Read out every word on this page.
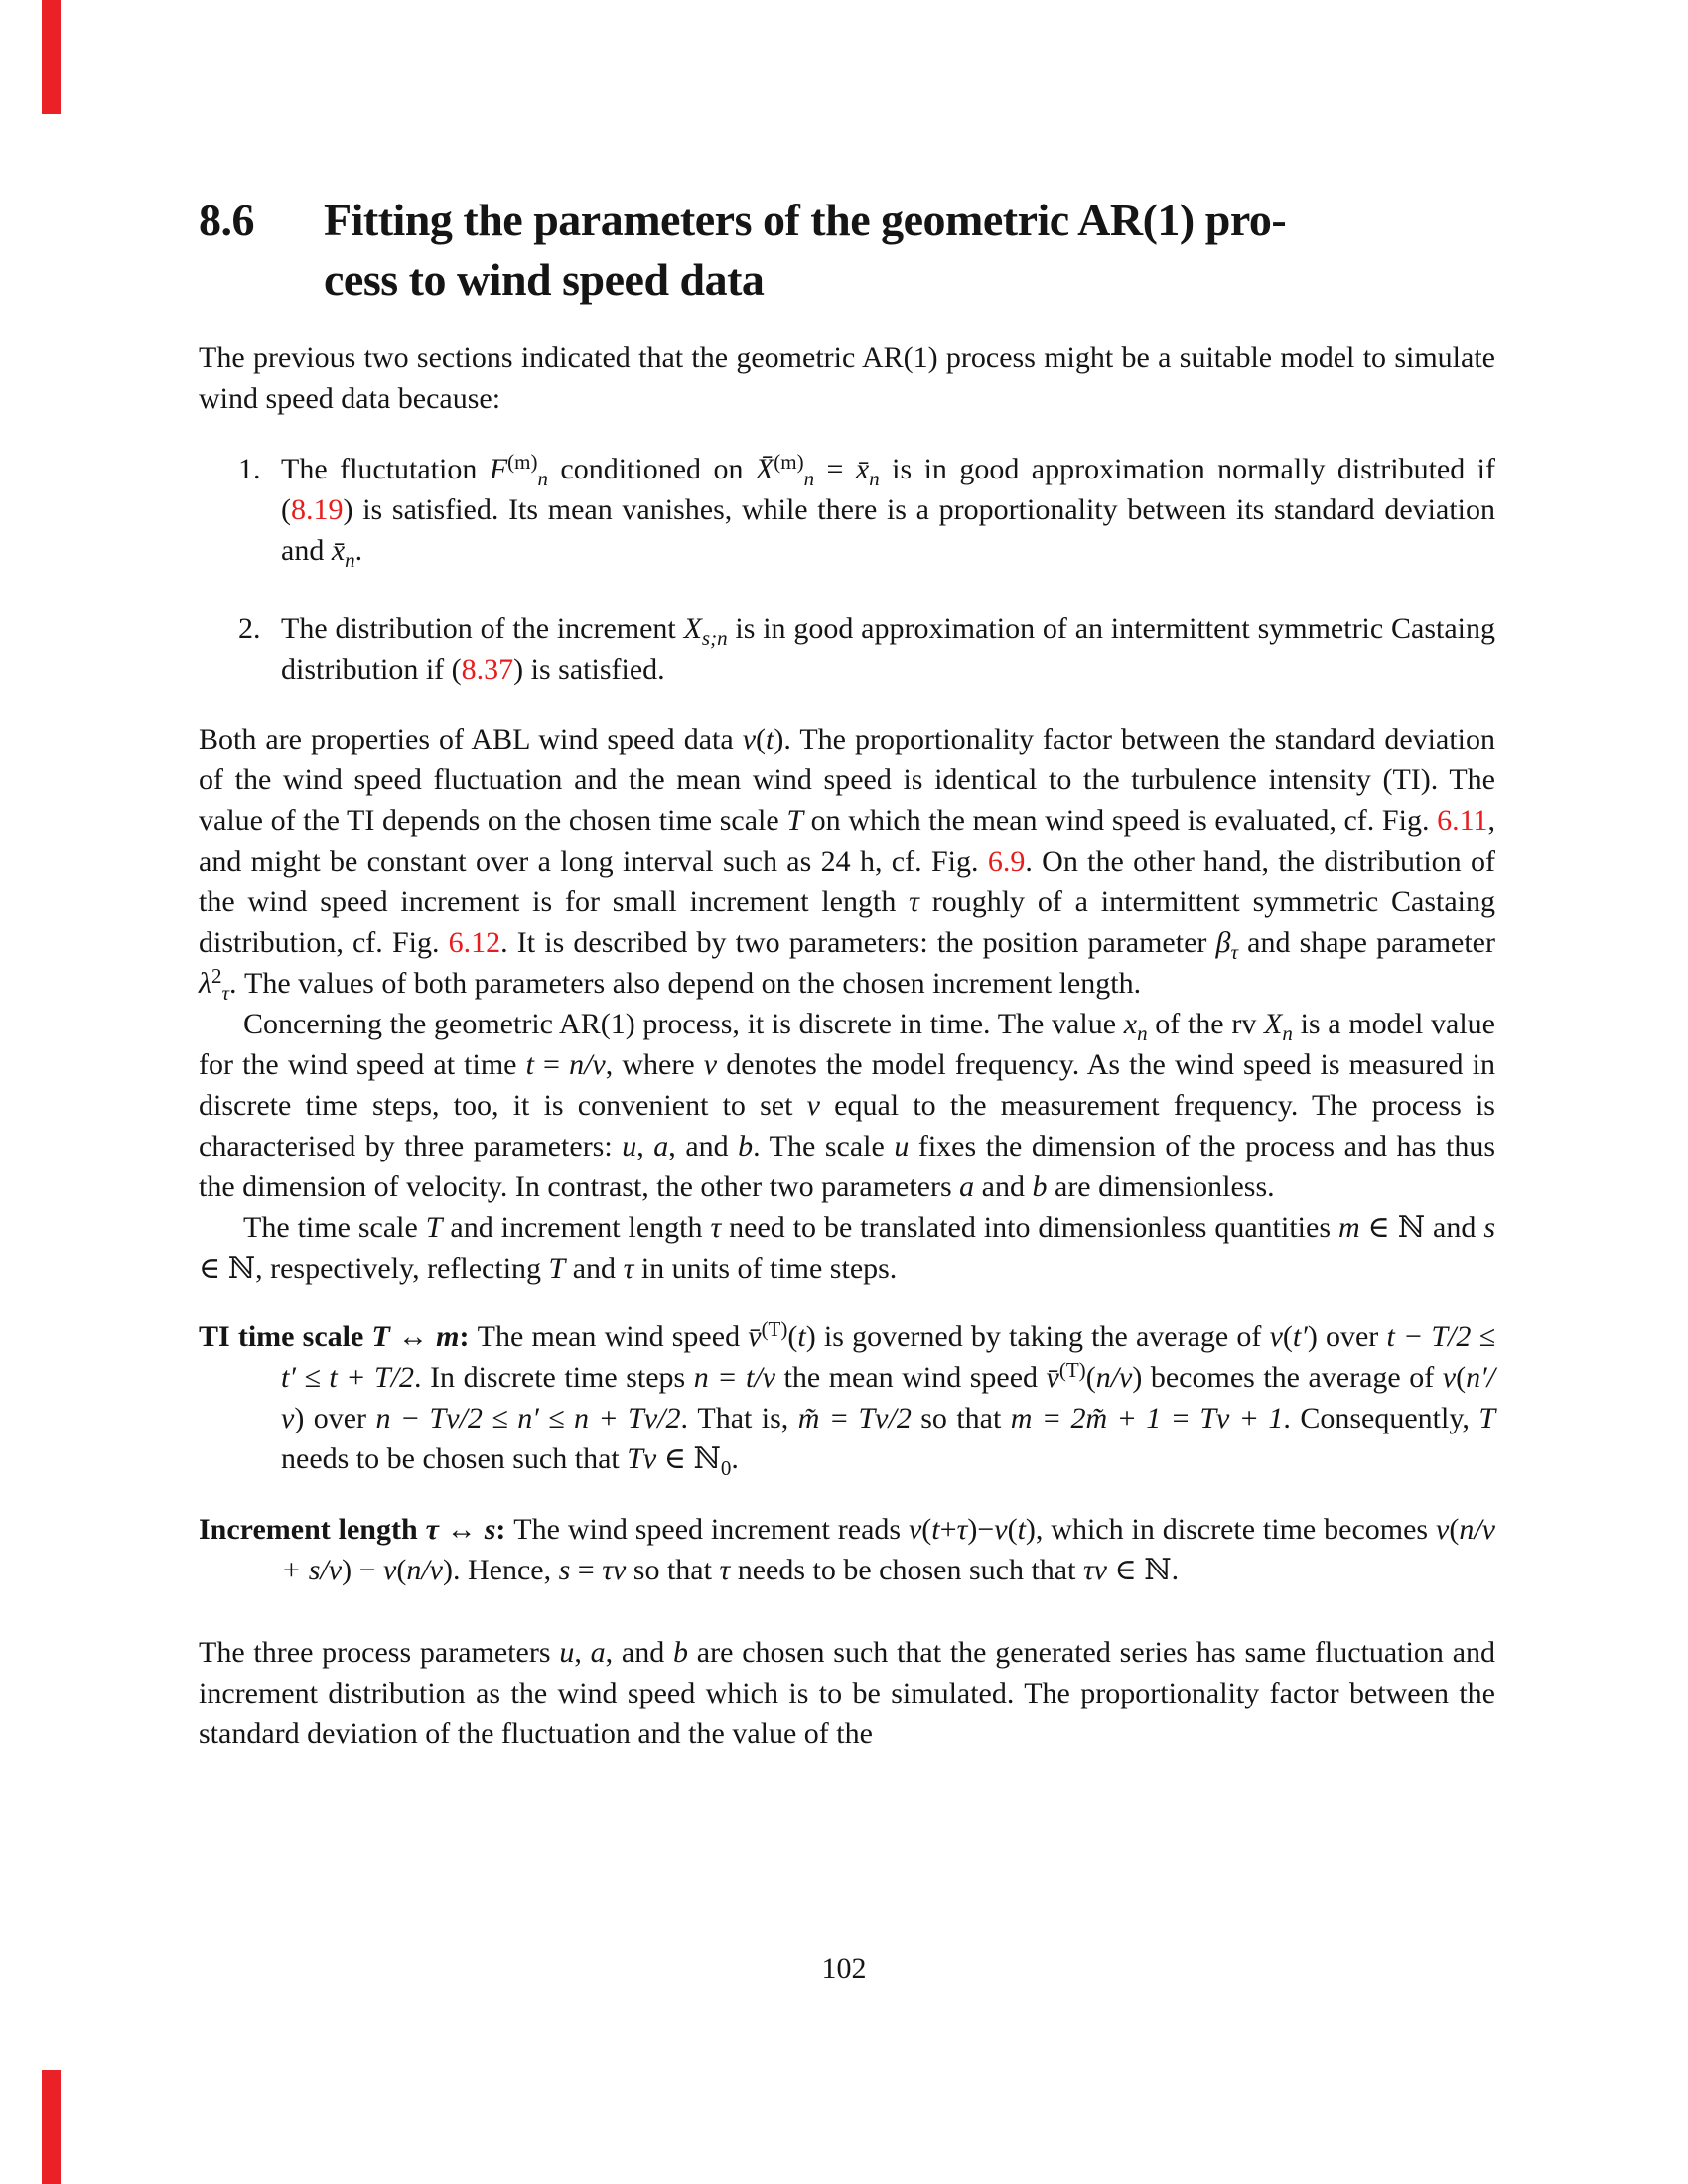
8.6	Fitting the parameters of the geometric AR(1) pro-
cess to wind speed data

The previous two sections indicated that the geometric AR(1) process might be a suitable model to simulate wind speed data because:

1. The fluctutation $F^{(m)}_n$ conditioned on X̄$^{(m)}_n$ = $x̄_n$ is in good approximation normally distributed if (8.19) is satisfied. Its mean vanishes, while there is a proportionality between its standard deviation and $x̄_n$.
2. The distribution of the increment $X_{s;n}$ is in good approximation of an intermittent symmetric Castaing distribution if (8.37) is satisfied.

Both are properties of ABL wind speed data v(t). The proportionality factor between the standard deviation of the wind speed fluctuation and the mean wind speed is identical to the turbulence intensity (TI). The value of the TI depends on the chosen time scale T on which the mean wind speed is evaluated, cf. Fig. 6.11, and might be constant over a long interval such as 24 h, cf. Fig. 6.9. On the other hand, the distribution of the wind speed increment is for small increment length τ roughly of a intermittent symmetric Castaing distribution, cf. Fig. 6.12. It is described by two parameters: the position parameter $\beta_\tau$ and shape parameter $\lambda^2_\tau$. The values of both parameters also depend on the chosen increment length.

Concerning the geometric AR(1) process, it is discrete in time. The value $x_n$ of the rv $X_n$ is a model value for the wind speed at time t = n/ν, where ν denotes the model frequency. As the wind speed is measured in discrete time steps, too, it is convenient to set ν equal to the measurement frequency. The process is characterised by three parameters: u, a, and b. The scale u fixes the dimension of the process and has thus the dimension of velocity. In contrast, the other two parameters a and b are dimensionless.

The time scale T and increment length τ need to be translated into dimensionless quantities m ∈ ℕ and s ∈ ℕ, respectively, reflecting T and τ in units of time steps.

TI time scale T ↔ m: The mean wind speed v̄$^{(T)}$(t) is governed by taking the average of v(t′) over t − T/2 ≤ t′ ≤ t + T/2. In discrete time steps n = t/ν the mean wind speed v̄$^{(T)}$(n/ν) becomes the average of v(n′/ν) over n − Tν/2 ≤ n′ ≤ n + Tν/2. That is, m̃ = Tν/2 so that m = 2m̃ + 1 = Tν + 1. Consequently, T needs to be chosen such that Tν ∈ ℕ$_0$.
Increment length τ ↔ s: The wind speed increment reads v(t+τ)−v(t), which in discrete time becomes v(n/ν + s/ν) − v(n/ν). Hence, s = τν so that τ needs to be chosen such that τν ∈ ℕ.

The three process parameters u, a, and b are chosen such that the generated series has same fluctuation and increment distribution as the wind speed which is to be simulated. The proportionality factor between the standard deviation of the fluctuation and the value of the

102
